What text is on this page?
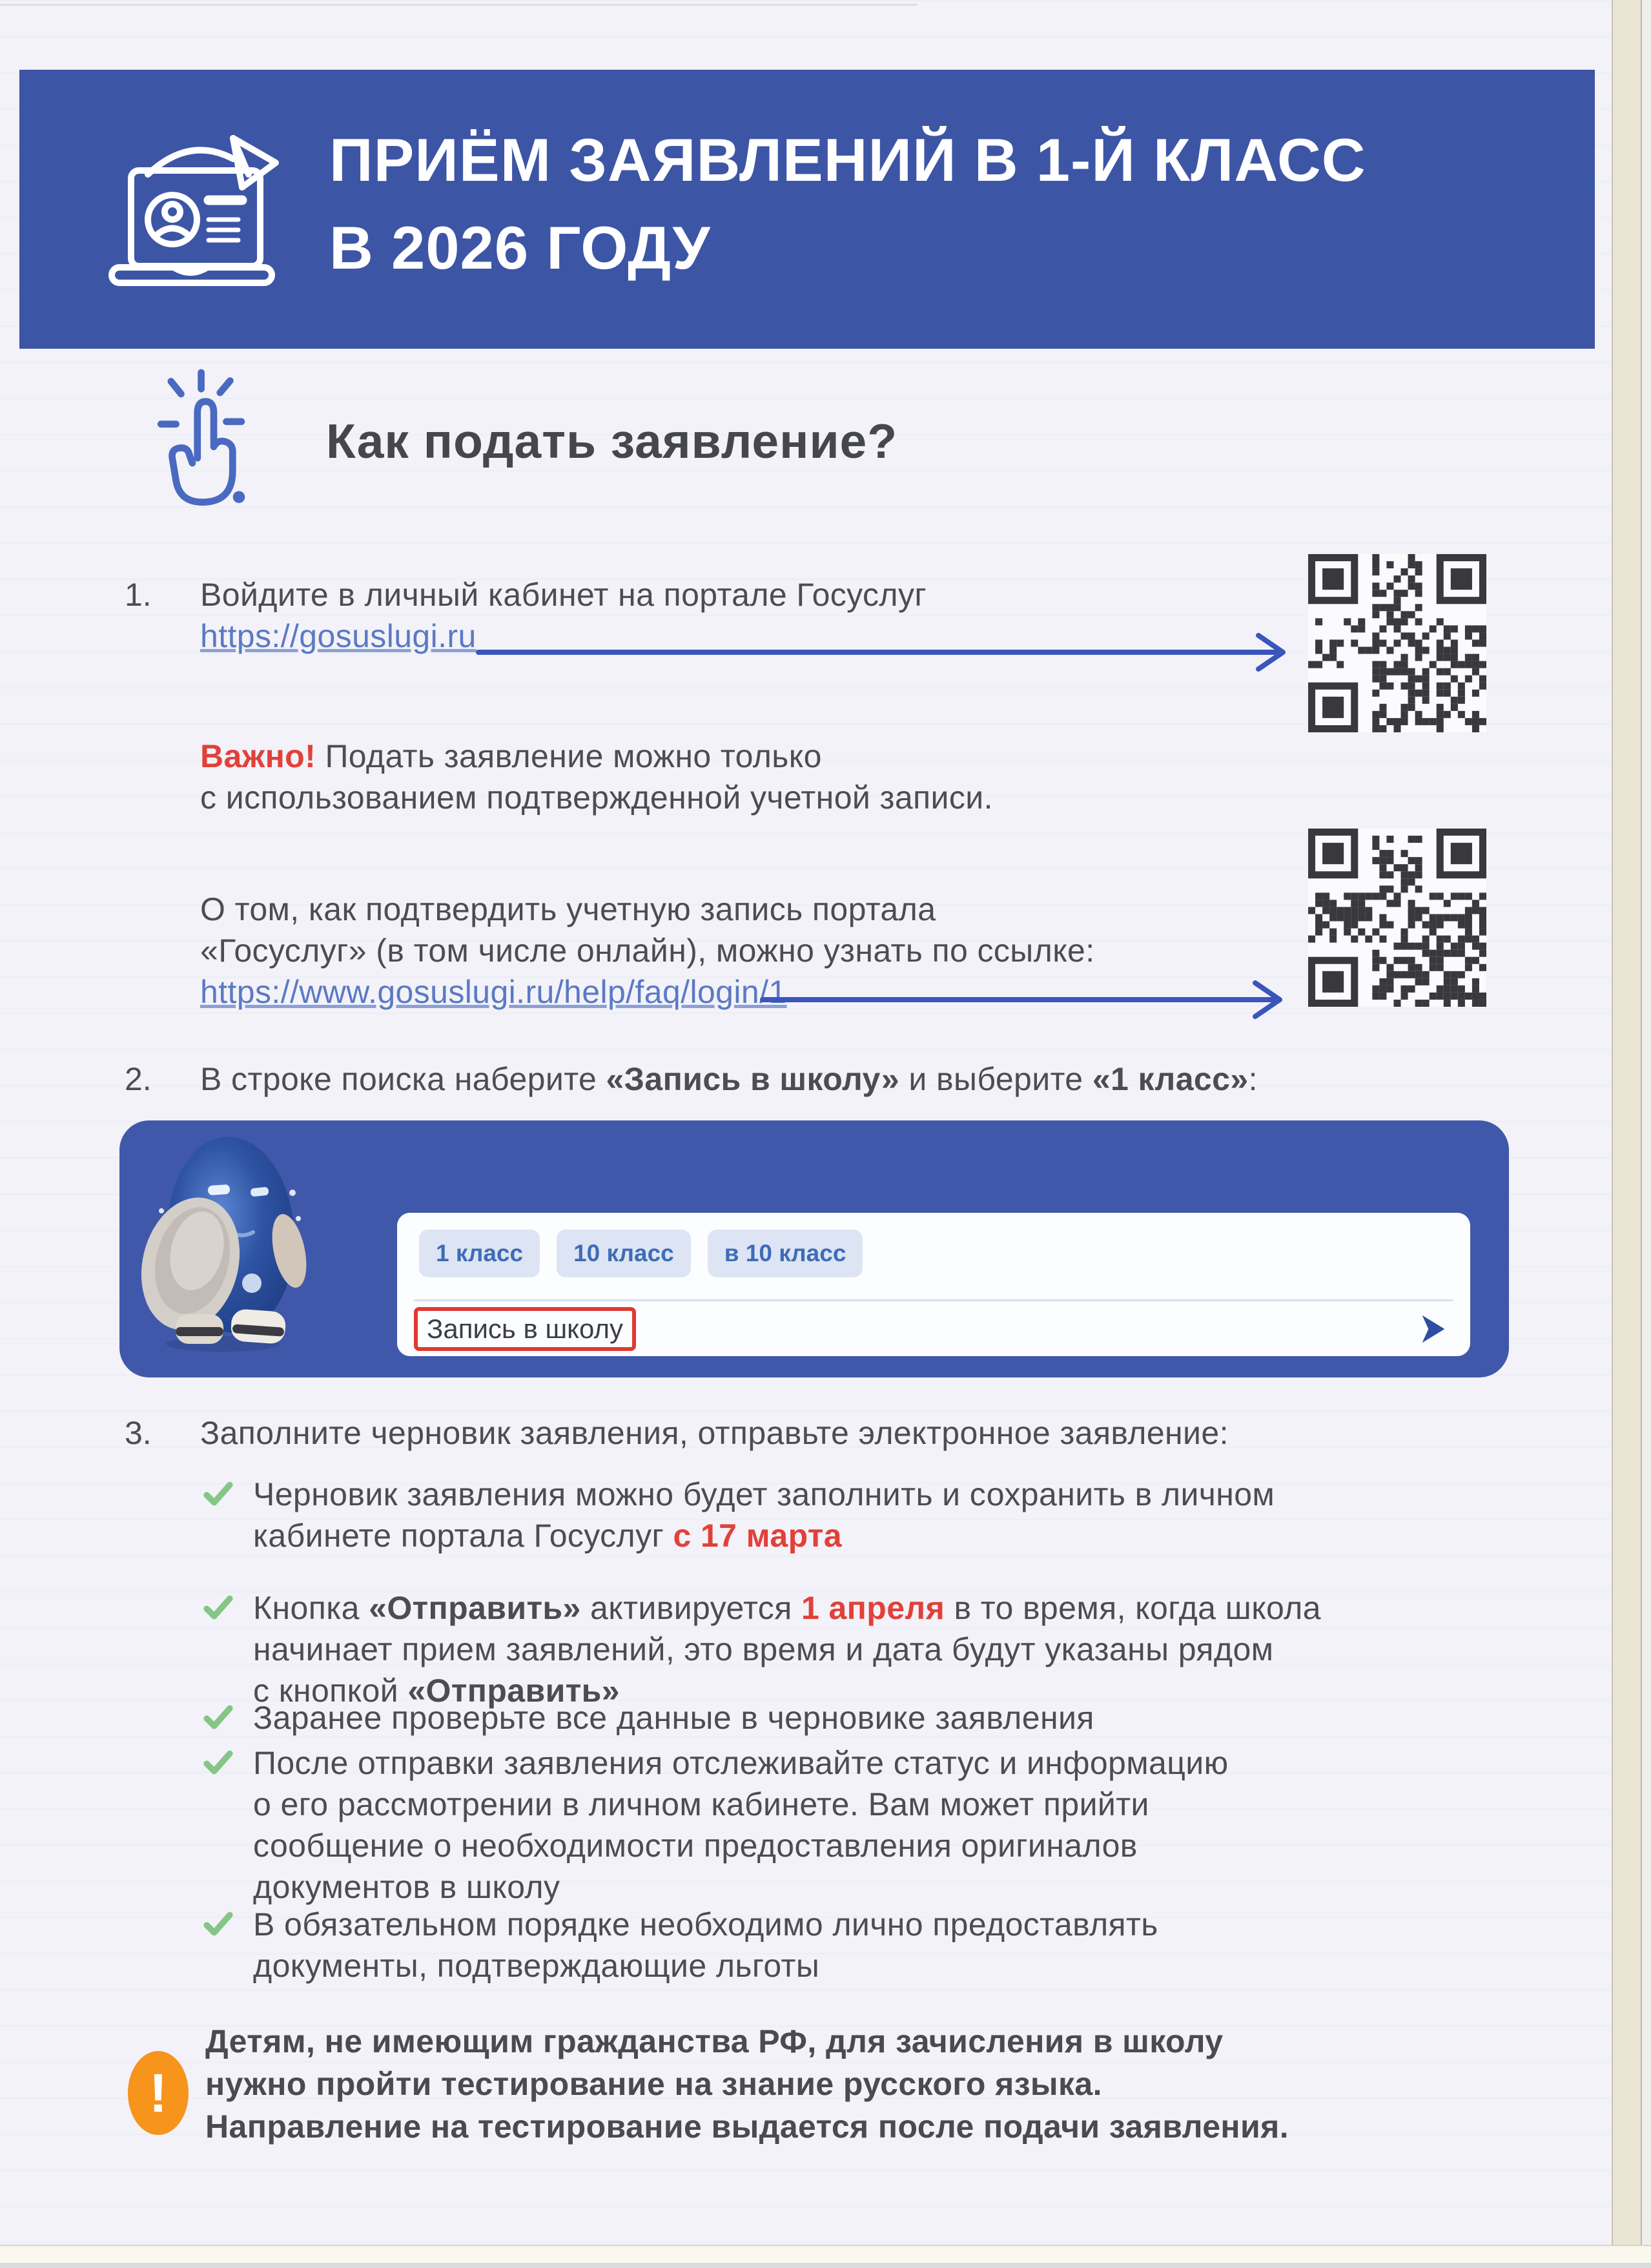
ПРИЁМ ЗАЯВЛЕНИЙ В 1-Й КЛАСС
В 2026 ГОДУ
Как подать заявление?
1. Войдите в личный кабинет на портале Госуслуг
https://gosuslugi.ru
Важно! Подать заявление можно только
с использованием подтвержденной учетной записи.
О том, как подтвердить учетную запись портала
«Госуслуг» (в том числе онлайн), можно узнать по ссылке:
https://www.gosuslugi.ru/help/faq/login/1
2. В строке поиска наберите «Запись в школу» и выберите «1 класс»:
1 класс	10 класс	в 10 класс
Запись в школу
3. Заполните черновик заявления, отправьте электронное заявление:
Черновик заявления можно будет заполнить и сохранить в личном
кабинете портала Госуслуг с 17 марта
Кнопка «Отправить» активируется 1 апреля в то время, когда школа
начинает прием заявлений, это время и дата будут указаны рядом
с кнопкой «Отправить»
Заранее проверьте все данные в черновике заявления
После отправки заявления отслеживайте статус и информацию
о его рассмотрении в личном кабинете. Вам может прийти
сообщение о необходимости предоставления оригиналов
документов в школу
В обязательном порядке необходимо лично предоставлять
документы, подтверждающие льготы
!
Детям, не имеющим гражданства РФ, для зачисления в школу
нужно пройти тестирование на знание русского языка.
Направление на тестирование выдается после подачи заявления.
